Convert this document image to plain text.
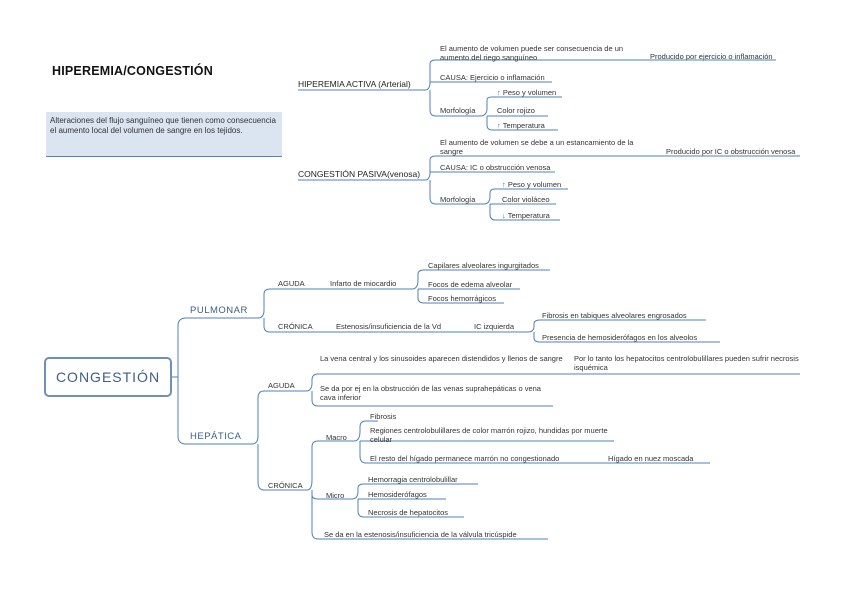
HIPEREMIA/CONGESTIÓN
Alteraciones del flujo sanguíneo que tienen como consecuencia el aumento local del volumen de sangre en los tejidos.
HIPEREMIA ACTIVA (Arterial)
El aumento de volumen puede ser consecuencia de un aumento del riego sanguíneo	Producido por ejercicio o inflamación
CAUSA: Ejercicio o inflamación
Morfología
↑ Peso y volumen
Color rojizo
↑ Temperatura
CONGESTIÓN PASIVA(venosa)
El aumento de volumen se debe a un estancamiento de la sangre	Producido por IC o obstrucción venosa
CAUSA: IC o obstrucción venosa
Morfología
↑ Peso y volumen
Color violáceo
↓ Temperatura
CONGESTIÓN
PULMONAR
AGUDA	Infarto de miocardio
Capilares alveolares ingurgitados
Focos de edema alveolar
Focos hemorrágicos
CRÓNICA	Estenosis/insuficiencia de la Vd	IC izquierda
Fibrosis en tabiques alveolares engrosados
Presencia de hemosiderófagos en los alveolos
HEPÁTICA
AGUDA
La vena central y los sinusoides aparecen distendidos y llenos de sangre	Por lo tanto los hepatocitos centrolobulillares pueden sufrir necrosis isquémica
Se da por ej en la obstrucción de las venas suprahepáticas o vena cava inferior
CRÓNICA
Macro
Fibrosis
Regiones centrolobulillares de color marrón rojizo, hundidas por muerte celular
El resto del hígado permanece marrón no congestionado	Hígado en nuez moscada
Micro
Hemorragia centrolobulillar
Hemosiderófagos
Necrosis de hepatocitos
Se da en la estenosis/insuficiencia de la válvula tricúspide
